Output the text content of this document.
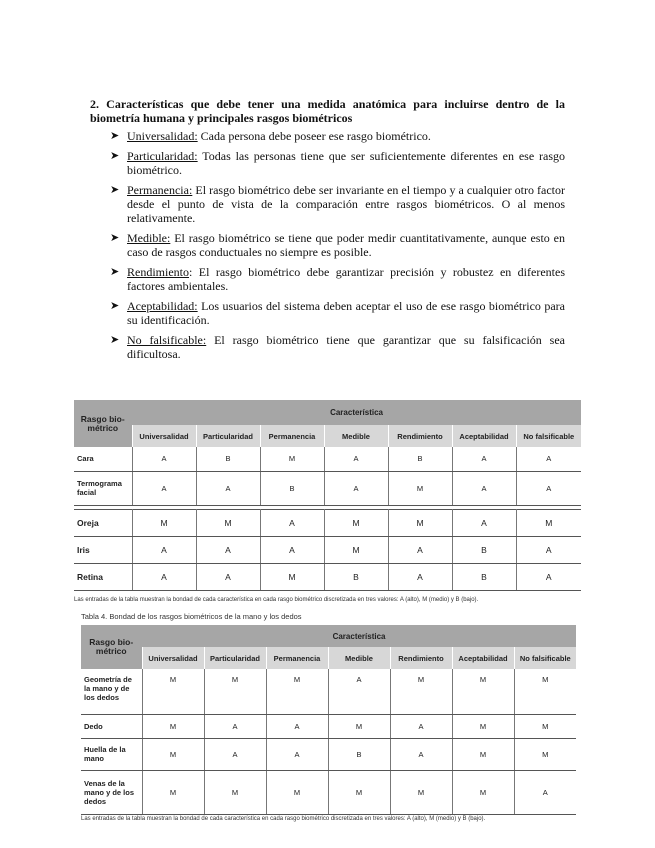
2. Características que debe tener una medida anatómica para incluirse dentro de la biometría humana y principales rasgos biométricos
➤ Universalidad: Cada persona debe poseer ese rasgo biométrico.
➤ Particularidad: Todas las personas tiene que ser suficientemente diferentes en ese rasgo biométrico.
➤ Permanencia: El rasgo biométrico debe ser invariante en el tiempo y a cualquier otro factor desde el punto de vista de la comparación entre rasgos biométricos. O al menos relativamente.
➤ Medible: El rasgo biométrico se tiene que poder medir cuantitativamente, aunque esto en caso de rasgos conductuales no siempre es posible.
➤ Rendimiento: El rasgo biométrico debe garantizar precisión y robustez en diferentes factores ambientales.
➤ Aceptabilidad: Los usuarios del sistema deben aceptar el uso de ese rasgo biométrico para su identificación.
➤ No falsificable: El rasgo biométrico tiene que garantizar que su falsificación sea dificultosa.
Rasgo bio-
métrico	Característica						
	Universalidad	Particularidad	Permanencia	Medible	Rendimiento	Aceptabilidad	No falsificable
Cara	A	B	M	A	B	A	A
Termograma
facial	A	A	B	A	M	A	A
Oreja	M	M	A	M	M	A	M
Iris	A	A	A	M	A	B	A
Retina	A	A	M	B	A	B	A
Las entradas de la tabla muestran la bondad de cada característica en cada rasgo biométrico discretizada en tres valores: A (alto), M (medio) y B (bajo).
Tabla 4. Bondad de los rasgos biométricos de la mano y los dedos
Rasgo bio-
métrico	Característica						
	Universalidad	Particularidad	Permanencia	Medible	Rendimiento	Aceptabilidad	No falsificable
Geometría de
la mano y de
los dedos	M	M	M	A	M	M	M
Dedo	M	A	A	M	A	M	M
Huella de la
mano	M	A	A	B	A	M	M
Venas de la
mano y de los
dedos	M	M	M	M	M	M	A
Las entradas de la tabla muestran la bondad de cada característica en cada rasgo biométrico discretizada en tres valores: A (alto), M (medio) y B (bajo).
